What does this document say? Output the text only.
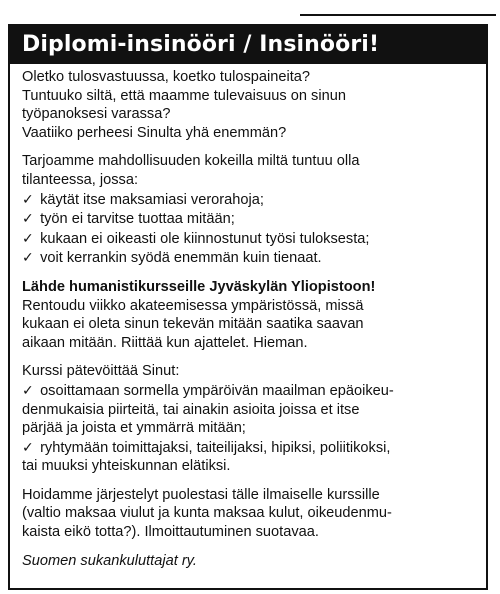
Diplomi-insinööri / Insinööri!

Oletko tulosvastuussa, koetko tulospaineita?
Tuntuuko siltä, että maamme tulevaisuus on sinun
työpanoksesi varassa?
Vaatiiko perheesi Sinulta yhä enemmän?

Tarjoamme mahdollisuuden kokeilla miltä tuntuu olla
tilanteessa, jossa:
✓ käytät itse maksamiasi verorahoja;
✓ työn ei tarvitse tuottaa mitään;
✓ kukaan ei oikeasti ole kiinnostunut työsi tuloksesta;
✓ voit kerrankin syödä enemmän kuin tienaat.

Lähde humanistikursseille Jyväskylän Yliopistoon!
Rentoudu viikko akateemisessa ympäristössä, missä
kukaan ei oleta sinun tekevän mitään saatika saavan
aikaan mitään. Riittää kun ajattelet. Hieman.

Kurssi pätevöittää Sinut:
✓ osoittamaan sormella ympäröivän maailman epäoikeu-
denmukaisia piirteitä, tai ainakin asioita joissa et itse
pärjää ja joista et ymmärrä mitään;
✓ ryhtymään toimittajaksi, taiteilijaksi, hipiksi, poliitikoksi,
tai muuksi yhteiskunnan elätiksi.

Hoidamme järjestelyt puolestasi tälle ilmaiselle kurssille
(valtio maksaa viulut ja kunta maksaa kulut, oikeudenmu-
kaista eikö totta?). Ilmoittautuminen suotavaa.

Suomen sukankuluttajat ry.
